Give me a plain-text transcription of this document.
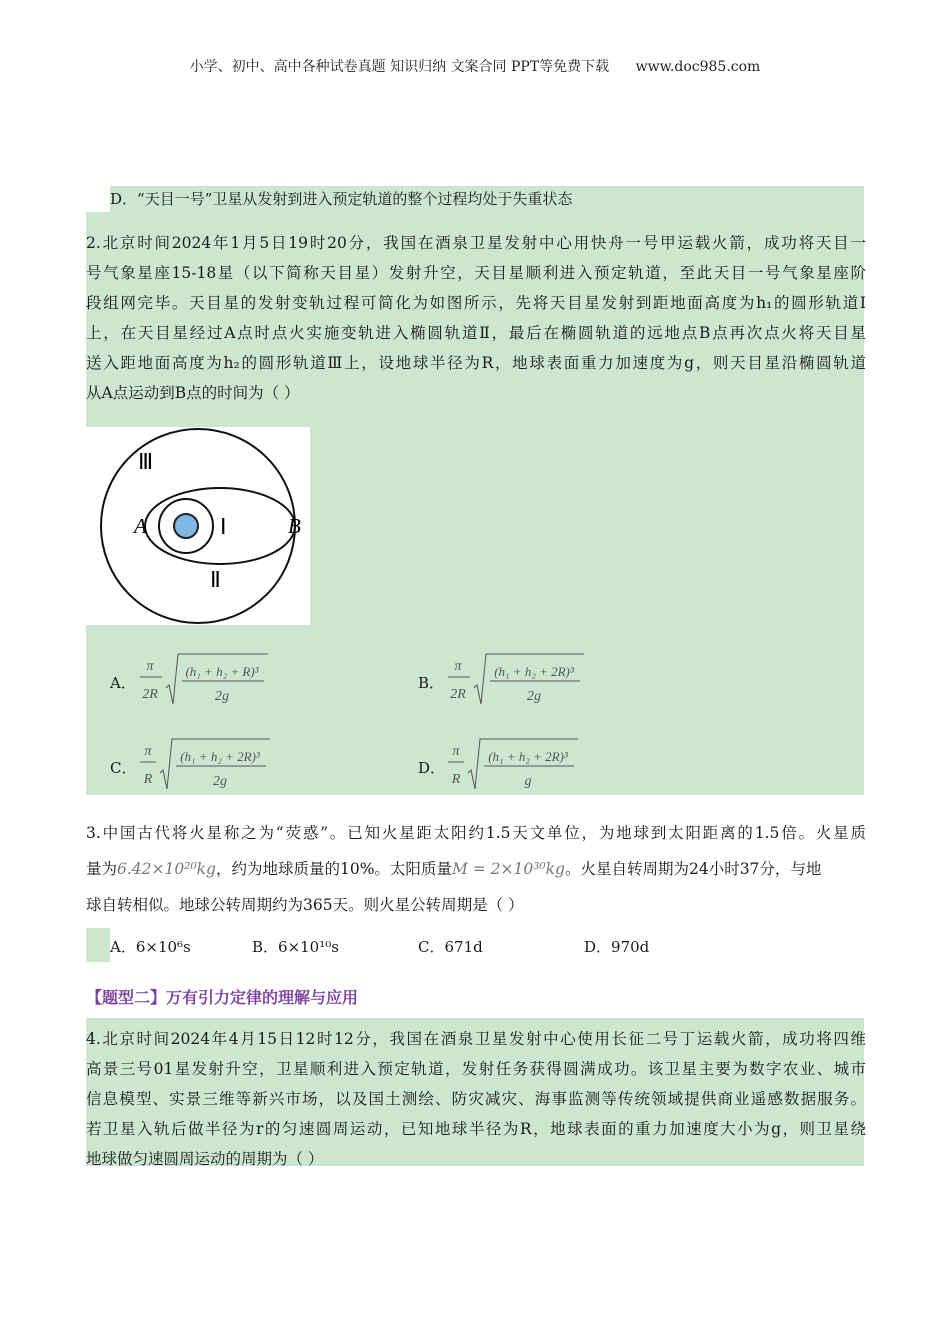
小学、初中、高中各种试卷真题 知识归纳 文案合同 PPT等免费下载 www.doc985.com
D．“天目一号”卫星从发射到进入预定轨道的整个过程均处于失重状态
2.北京时间2024年1月5日19时20分，我国在酒泉卫星发射中心用快舟一号甲运载火箭，成功将天目一
号气象星座15-18星（以下简称天目星）发射升空，天目星顺利进入预定轨道，至此天目一号气象星座阶
段组网完毕。天目星的发射变轨过程可简化为如图所示，先将天目星发射到距地面高度为h₁的圆形轨道Ⅰ
上，在天目星经过A点时点火实施变轨进入椭圆轨道Ⅱ，最后在椭圆轨道的远地点B点再次点火将天目星
送入距地面高度为h₂的圆形轨道Ⅲ上，设地球半径为R，地球表面重力加速度为g，则天目星沿椭圆轨道
从A点运动到B点的时间为（ ）
Ⅲ
Ⅰ
Ⅱ
A	B
A．
π
2R
(h₁ + h₂ + R)³
2g
B．
π
2R
(h₁ + h₂ + 2R)³
2g
C．
π
R
(h₁ + h₂ + 2R)³
2g
D．
π
R
(h₁ + h₂ + 2R)³
g
3.中国古代将火星称之为“荧惑”。已知火星距太阳约1.5天文单位，为地球到太阳距离的1.5倍。火星质
量为6.42×10²⁰kg，约为地球质量的10%。太阳质量M = 2×10³⁰kg。火星自转周期为24小时37分，与地
球自转相似。地球公转周期约为365天。则火星公转周期是（ ）
A．6×10⁶s	B．6×10¹⁰s	C．671d	D．970d
【题型二】万有引力定律的理解与应用
4.北京时间2024年4月15日12时12分，我国在酒泉卫星发射中心使用长征二号丁运载火箭，成功将四维
高景三号01星发射升空，卫星顺利进入预定轨道，发射任务获得圆满成功。该卫星主要为数字农业、城市
信息模型、实景三维等新兴市场，以及国土测绘、防灾减灾、海事监测等传统领域提供商业遥感数据服务。
若卫星入轨后做半径为r的匀速圆周运动，已知地球半径为R，地球表面的重力加速度大小为g，则卫星绕
地球做匀速圆周运动的周期为（ ）
